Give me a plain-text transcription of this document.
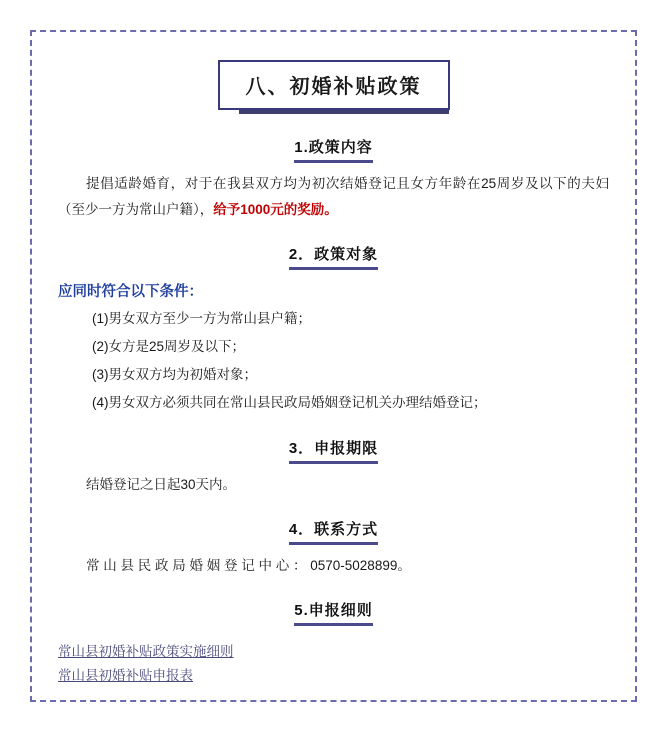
八、初婚补贴政策
1.政策内容

提倡适龄婚育，对于在我县双方均为初次结婚登记且女方年龄在25周岁及以下的夫妇（至少一方为常山户籍），给予1000元的奖励。

2．政策对象
应同时符合以下条件：
(1)男女双方至少一方为常山县户籍；
(2)女方是25周岁及以下；
(3)男女双方均为初婚对象；
(4)男女双方必须共同在常山县民政局婚姻登记机关办理结婚登记；
3．申报期限

结婚登记之日起30天内。

4．联系方式

常 山 县 民 政 局 婚 姻 登 记 中 心 ： 0570-5028899。

5.申报细则
常山县初婚补贴政策实施细则
常山县初婚补贴申报表
